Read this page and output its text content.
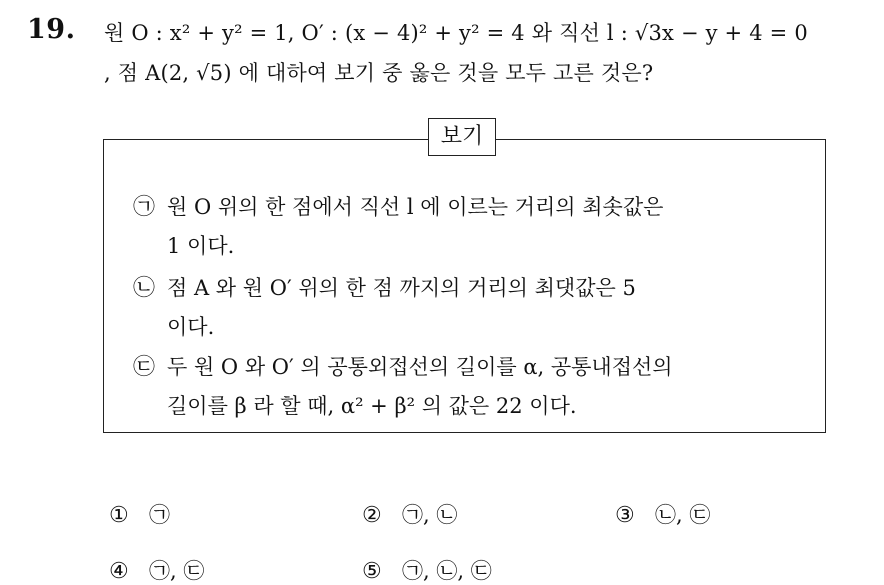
19. 원 O : x² + y² = 1, O′ : (x − 4)² + y² = 4 와 직선 l : √3x − y + 4 = 0
, 점 A(2, √5) 에 대하여 보기 중 옳은 것을 모두 고른 것은?
보기
㉠ 원 O 위의 한 점에서 직선 l 에 이르는 거리의 최솟값은
1 이다.
㉡ 점 A 와 원 O′ 위의 한 점 까지의 거리의 최댓값은 5
이다.
㉢ 두 원 O 와 O′ 의 공통외접선의 길이를 α, 공통내접선의
길이를 β 라 할 때, α² + β² 의 값은 22 이다.
① ㉠	② ㉠, ㉡	③ ㉡, ㉢
④ ㉠, ㉢	⑤ ㉠, ㉡, ㉢
